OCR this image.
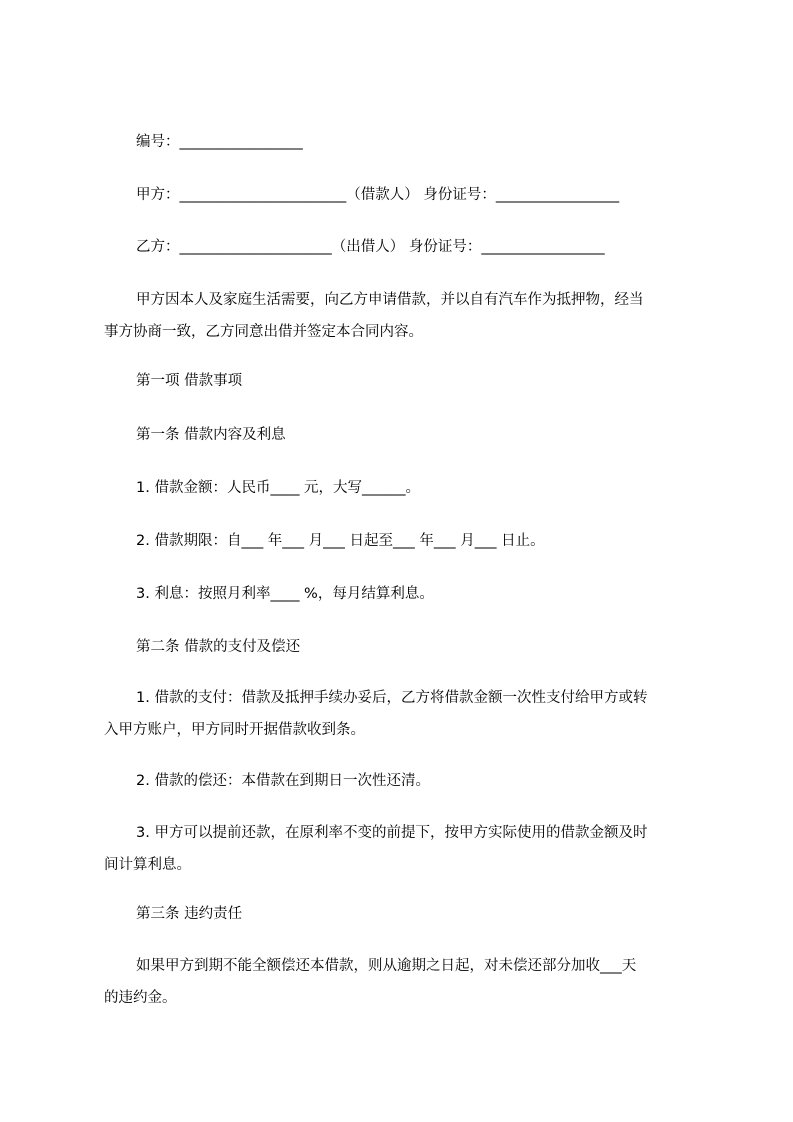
编号：_________________
甲方：_______________________（借款人） 身份证号：_________________
乙方：_____________________（出借人） 身份证号：_________________
甲方因本人及家庭生活需要，向乙方申请借款，并以自有汽车作为抵押物，经当
事方协商一致，乙方同意出借并签定本合同内容。
第一项 借款事项
第一条 借款内容及利息
1. 借款金额：人民币____ 元，大写______。
2. 借款期限：自___ 年___ 月___ 日起至___ 年___ 月___ 日止。
3. 利息：按照月利率____ %，每月结算利息。
第二条 借款的支付及偿还
1. 借款的支付：借款及抵押手续办妥后，乙方将借款金额一次性支付给甲方或转
入甲方账户，甲方同时开据借款收到条。
2. 借款的偿还：本借款在到期日一次性还清。
3. 甲方可以提前还款，在原利率不变的前提下，按甲方实际使用的借款金额及时
间计算利息。
第三条 违约责任
如果甲方到期不能全额偿还本借款，则从逾期之日起，对未偿还部分加收___天
的违约金。
